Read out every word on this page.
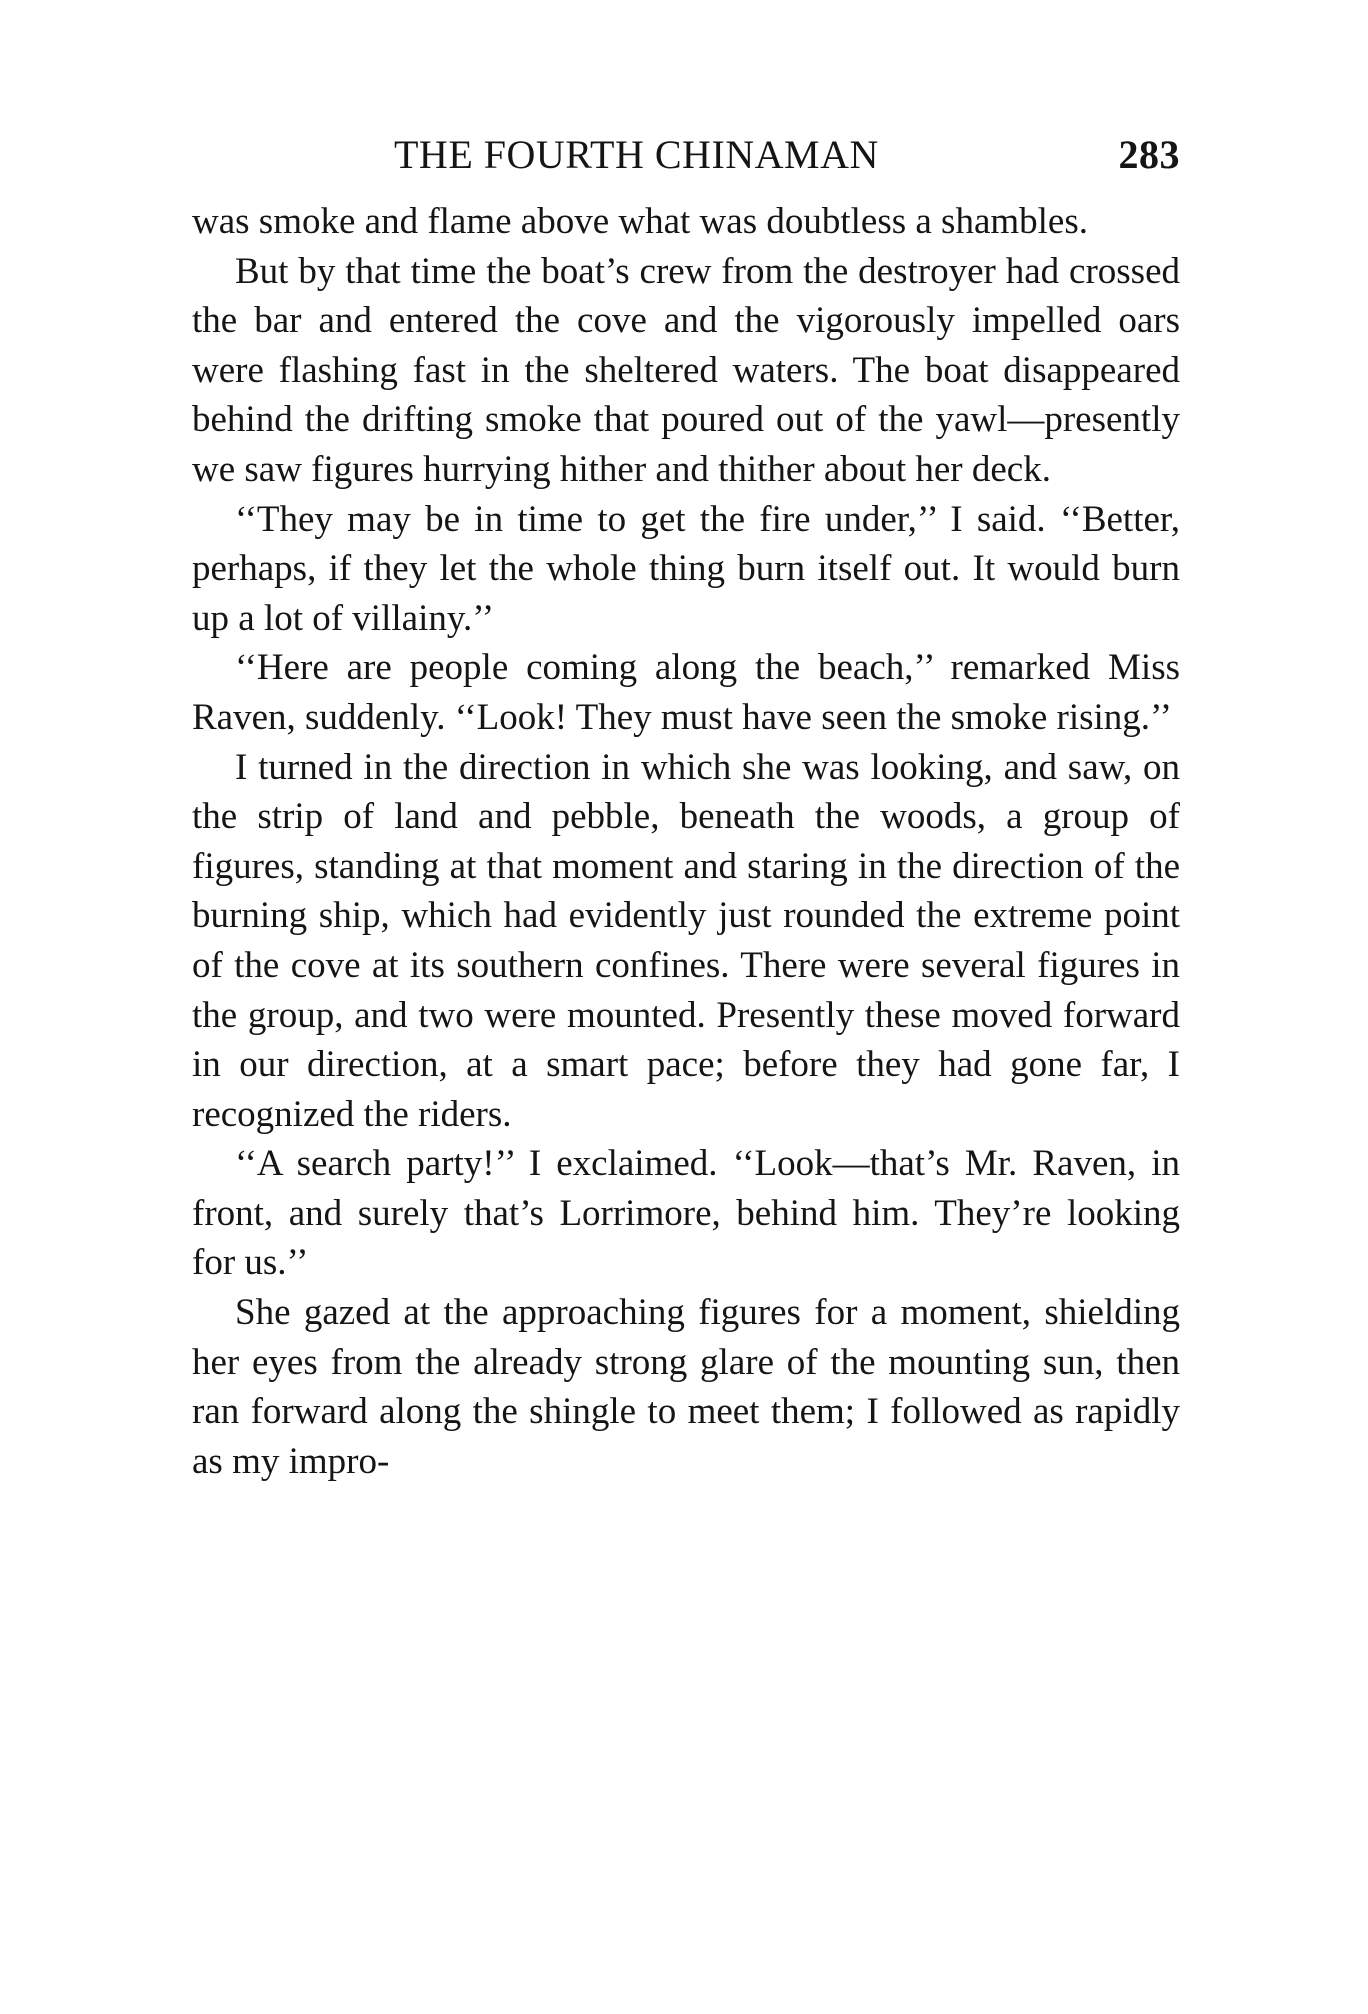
THE FOURTH CHINAMAN	283

was smoke and flame above what was doubtless a shambles.

But by that time the boat’s crew from the destroyer had crossed the bar and entered the cove and the vigorously impelled oars were flashing fast in the sheltered waters. The boat disappeared behind the drifting smoke that poured out of the yawl—presently we saw figures hurrying hither and thither about her deck.

‘‘They may be in time to get the fire under,’’ I said. ‘‘Better, perhaps, if they let the whole thing burn itself out. It would burn up a lot of villainy.’’

‘‘Here are people coming along the beach,’’ remarked Miss Raven, suddenly. ‘‘Look! They must have seen the smoke rising.’’

I turned in the direction in which she was looking, and saw, on the strip of land and pebble, beneath the woods, a group of figures, standing at that moment and staring in the direction of the burning ship, which had evidently just rounded the extreme point of the cove at its southern confines. There were several figures in the group, and two were mounted. Presently these moved forward in our direction, at a smart pace; before they had gone far, I recognized the riders.

‘‘A search party!’’ I exclaimed. ‘‘Look—that’s Mr. Raven, in front, and surely that’s Lorrimore, behind him. They’re looking for us.’’

She gazed at the approaching figures for a moment, shielding her eyes from the already strong glare of the mounting sun, then ran forward along the shingle to meet them; I followed as rapidly as my impro-
